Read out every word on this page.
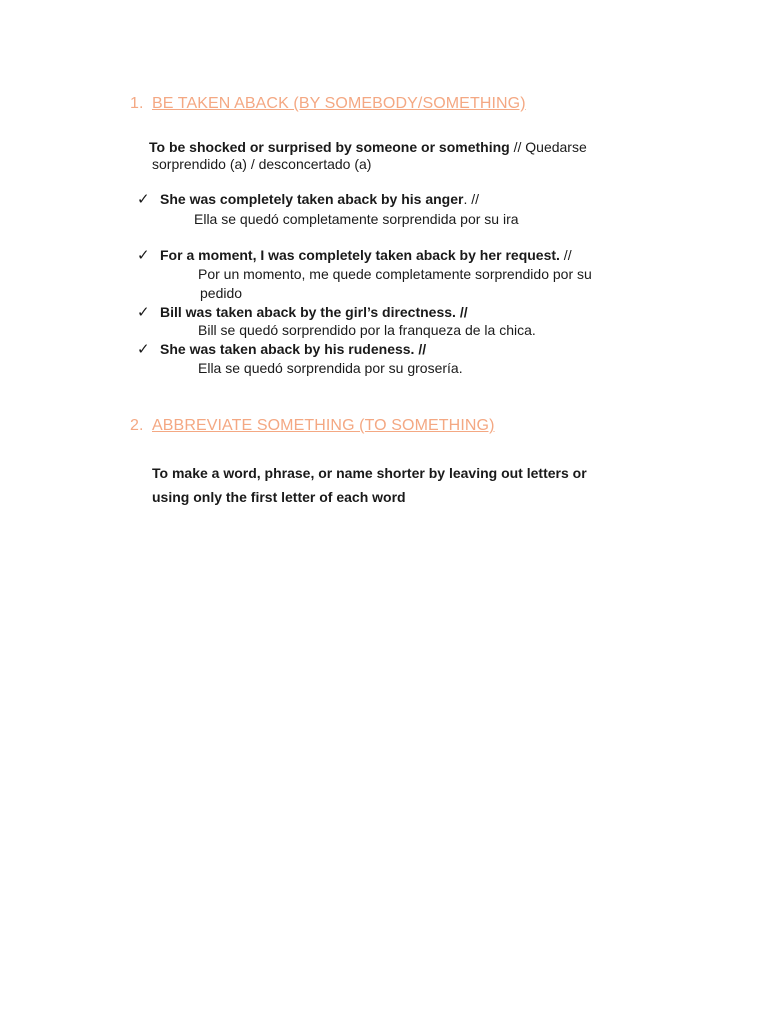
1. BE TAKEN ABACK (BY SOMEBODY/SOMETHING)
To be shocked or surprised by someone or something // Quedarse
sorprendido (a) / desconcertado (a)
✓ She was completely taken aback by his anger. //
Ella se quedó completamente sorprendida por su ira
✓ For a moment, I was completely taken aback by her request. //
Por un momento, me quede completamente sorprendido por su
pedido
✓ Bill was taken aback by the girl’s directness. //
Bill se quedó sorprendido por la franqueza de la chica.
✓ She was taken aback by his rudeness. //
Ella se quedó sorprendida por su grosería.
2. ABBREVIATE SOMETHING (TO SOMETHING)
To make a word, phrase, or name shorter by leaving out letters or
using only the first letter of each word
